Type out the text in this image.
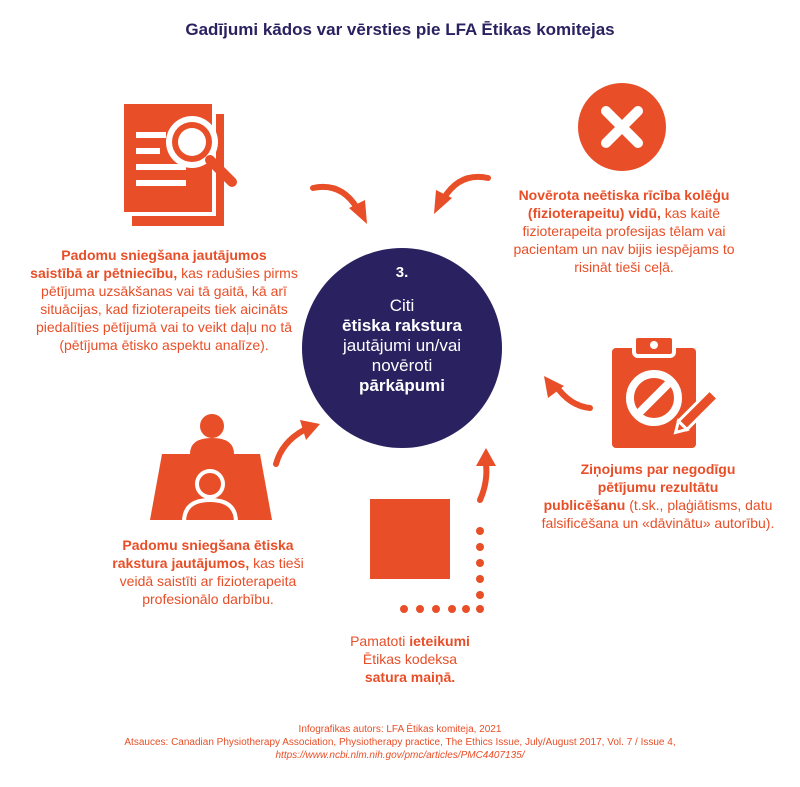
Gadījumi kādos var vērsties pie LFA Ētikas komitejas
3.
Citi
ētiska rakstura
jautājumi un/vai
novēroti
pārkāpumi
Padomu sniegšana jautājumos
saistībā ar pētniecību, kas radušies pirms pētījuma uzsākšanas vai tā gaitā, kā arī situācijas, kad fizioterapeits tiek aicināts piedalīties pētījumā vai to veikt daļu no tā (pētījuma ētisko aspektu analīze).
Novērota neētiska rīcība kolēģu
(fizioterapeitu) vidū, kas kaitē fizioterapeita profesijas tēlam vai pacientam un nav bijis iespējams to risināt tieši ceļā.
Ziņojums par negodīgu
pētījumu rezultātu
publicēšanu (t.sk., plaģiātisms, datu falsificēšana un «dāvinātu» autorību).
Pamatoti ieteikumi
Ētikas kodeksa
satura maiņā.
Padomu sniegšana ētiska
rakstura jautājumos, kas tieši veidā saistīti ar fizioterapeita profesionālo darbību.
Infografikas autors: LFA Ētikas komiteja, 2021
Atsauces: Canadian Physiotherapy Association, Physiotherapy practice, The Ethics Issue, July/August 2017, Vol. 7 / Issue 4,
https://www.ncbi.nlm.nih.gov/pmc/articles/PMC4407135/
